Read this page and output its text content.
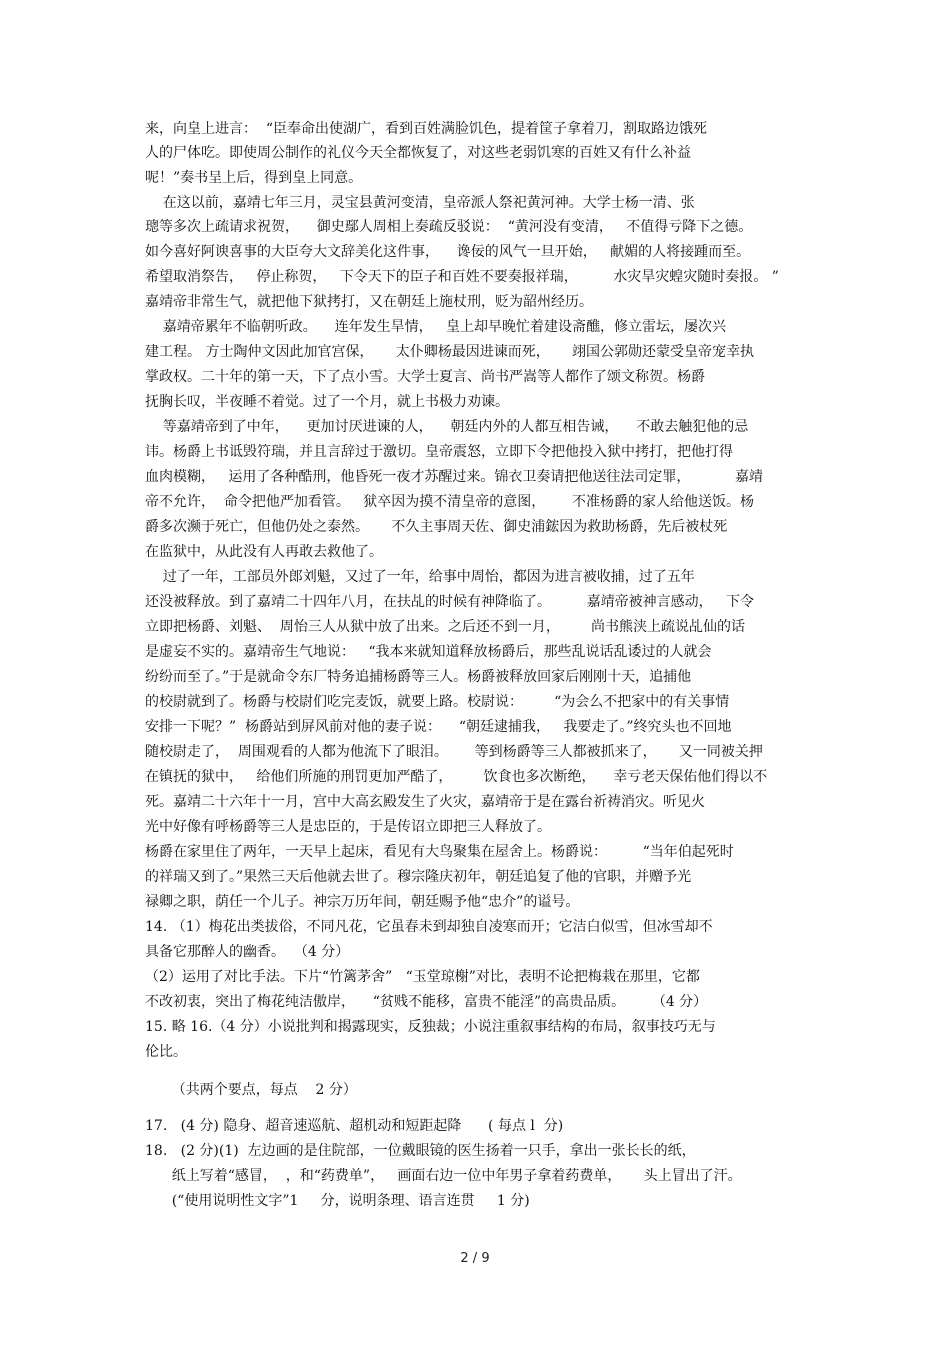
来，向皇上进言：  “臣奉命出使湖广，看到百姓满脸饥色，提着筐子拿着刀，割取路边饿死
人的尸体吃。即使周公制作的礼仪今天全都恢复了，对这些老弱饥寒的百姓又有什么补益
呢！”奏书呈上后，得到皇上同意。
在这以前，嘉靖七年三月，灵宝县黄河变清，皇帝派人祭祀黄河神。大学士杨一清、张
璁等多次上疏请求祝贺，    御史鄢人周相上奏疏反驳说：  “黄河没有变清，   不值得亏降下之德。
如今喜好阿谀喜事的大臣夸大文辞美化这件事，    谗佞的风气一旦开始，   献媚的人将接踵而至。
希望取消祭告，   停止称贺，   下令天下的臣子和百姓不要奏报祥瑞，        水灾旱灾蝗灾随时奏报。 ”
嘉靖帝非常生气，就把他下狱拷打，又在朝廷上施杖刑，贬为韶州经历。
嘉靖帝累年不临朝听政。    连年发生旱情，   皇上却早晚忙着建设斋醮，修立雷坛，屡次兴
建工程。 方士陶仲文因此加官宫保，     太仆卿杨最因进谏而死，     翊国公郭勋还蒙受皇帝宠幸执
掌政权。二十年的第一天，下了点小雪。大学士夏言、尚书严嵩等人都作了颂文称贺。杨爵
抚胸长叹，半夜睡不着觉。过了一个月，就上书极力劝谏。
等嘉靖帝到了中年，    更加讨厌进谏的人，    朝廷内外的人都互相告诫，    不敢去触犯他的忌
讳。杨爵上书诋毁符瑞，并且言辞过于激切。皇帝震怒，立即下令把他投入狱中拷打，把他打得
血肉模糊，   运用了各种酷刑，他昏死一夜才苏醒过来。锦衣卫奏请把他送往法司定罪，          嘉靖
帝不允许，  命令把他严加看管。   狱卒因为摸不清皇帝的意图，      不准杨爵的家人给他送饭。杨
爵多次濒于死亡，但他仍处之泰然。     不久主事周天佐、御史浦鋐因为救助杨爵，先后被杖死
在监狱中，从此没有人再敢去救他了。
过了一年，工部员外郎刘魁，又过了一年，给事中周怡，都因为进言被收捕，过了五年
还没被释放。到了嘉靖二十四年八月，在扶乩的时候有神降临了。        嘉靖帝被神言感动，   下令
立即把杨爵、刘魁、  周怡三人从狱中放了出来。之后还不到一月，       尚书熊浃上疏说乩仙的话
是虚妄不实的。嘉靖帝生气地说：   “我本来就知道释放杨爵后，那些乱说话乱诿过的人就会
纷纷而至了。”于是就命令东厂特务追捕杨爵等三人。杨爵被释放回家后刚刚十天，追捕他
的校尉就到了。杨爵与校尉们吃完麦饭，就要上路。校尉说：       “为会么不把家中的有关事情
安排一下呢？”  杨爵站到屏风前对他的妻子说：    “朝廷逮捕我，   我要走了。”终究头也不回地
随校尉走了，  周围观看的人都为他流下了眼泪。      等到杨爵等三人都被抓来了，     又一同被关押
在镇抚的狱中，   给他们所施的刑罚更加严酷了，       饮食也多次断绝，    幸亏老天保佑他们得以不
死。嘉靖二十六年十一月，宫中大高玄殿发生了火灾，嘉靖帝于是在露台祈祷消灾。听见火
光中好像有呼杨爵等三人是忠臣的，于是传诏立即把三人释放了。
杨爵在家里住了两年，一天早上起床，看见有大鸟聚集在屋舍上。杨爵说：        “当年伯起死时
的祥瑞又到了。”果然三天后他就去世了。穆宗隆庆初年，朝廷追复了他的官职，并赠予光
禄卿之职，荫任一个儿子。神宗万历年间，朝廷赐予他“忠介”的谥号。
14. （1）梅花出类拔俗，不同凡花，它虽春未到却独自凌寒而开；它洁白似雪，但冰雪却不
具备它那醉人的幽香。  （4 分）
（2）运用了对比手法。下片“竹篱茅舍”   “玉堂琼榭”对比，表明不论把梅栽在那里，它都
不改初衷，突出了梅花纯洁傲岸，    “贫贱不能移，富贵不能淫”的高贵品质。      （4 分）
15. 略 16.（4 分）小说批判和揭露现实，反独裁；小说注重叙事结构的布局，叙事技巧无与
伦比。
（共两个要点，每点    2 分）
17.   (4 分) 隐身、超音速巡航、超机动和短距起降      ( 每点 l  分)
18.   (2 分)(1)  左边画的是住院部，一位戴眼镜的医生扬着一只手，拿出一张长长的纸，
纸上写着“感冒，  ，和“药费单”，   画面右边一位中年男子拿着药费单，     头上冒出了汗。
(“使用说明性文字”1     分，说明条理、语言连贯     1 分)
2 / 9
